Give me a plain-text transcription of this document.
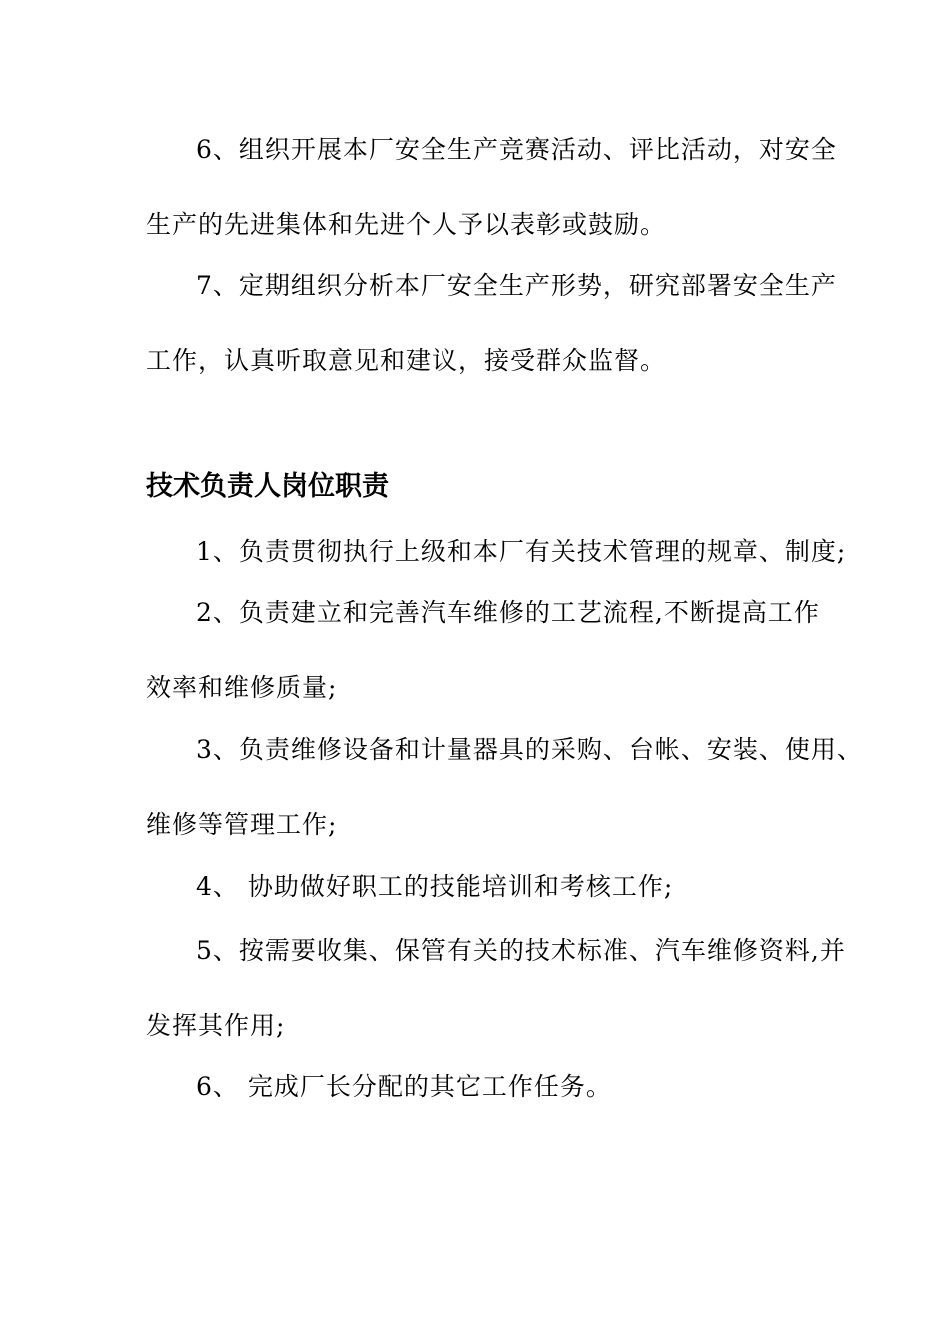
6、组织开展本厂安全生产竞赛活动、评比活动，对安全
生产的先进集体和先进个人予以表彰或鼓励。
7、定期组织分析本厂安全生产形势，研究部署安全生产
工作，认真听取意见和建议，接受群众监督。
技术负责人岗位职责
1、负责贯彻执行上级和本厂有关技术管理的规章、制度;
2、负责建立和完善汽车维修的工艺流程,不断提高工作
效率和维修质量;
3、负责维修设备和计量器具的采购、台帐、安装、使用、
维修等管理工作;
4、 协助做好职工的技能培训和考核工作;
5、按需要收集、保管有关的技术标准、汽车维修资料,并
发挥其作用;
6、 完成厂长分配的其它工作任务。
